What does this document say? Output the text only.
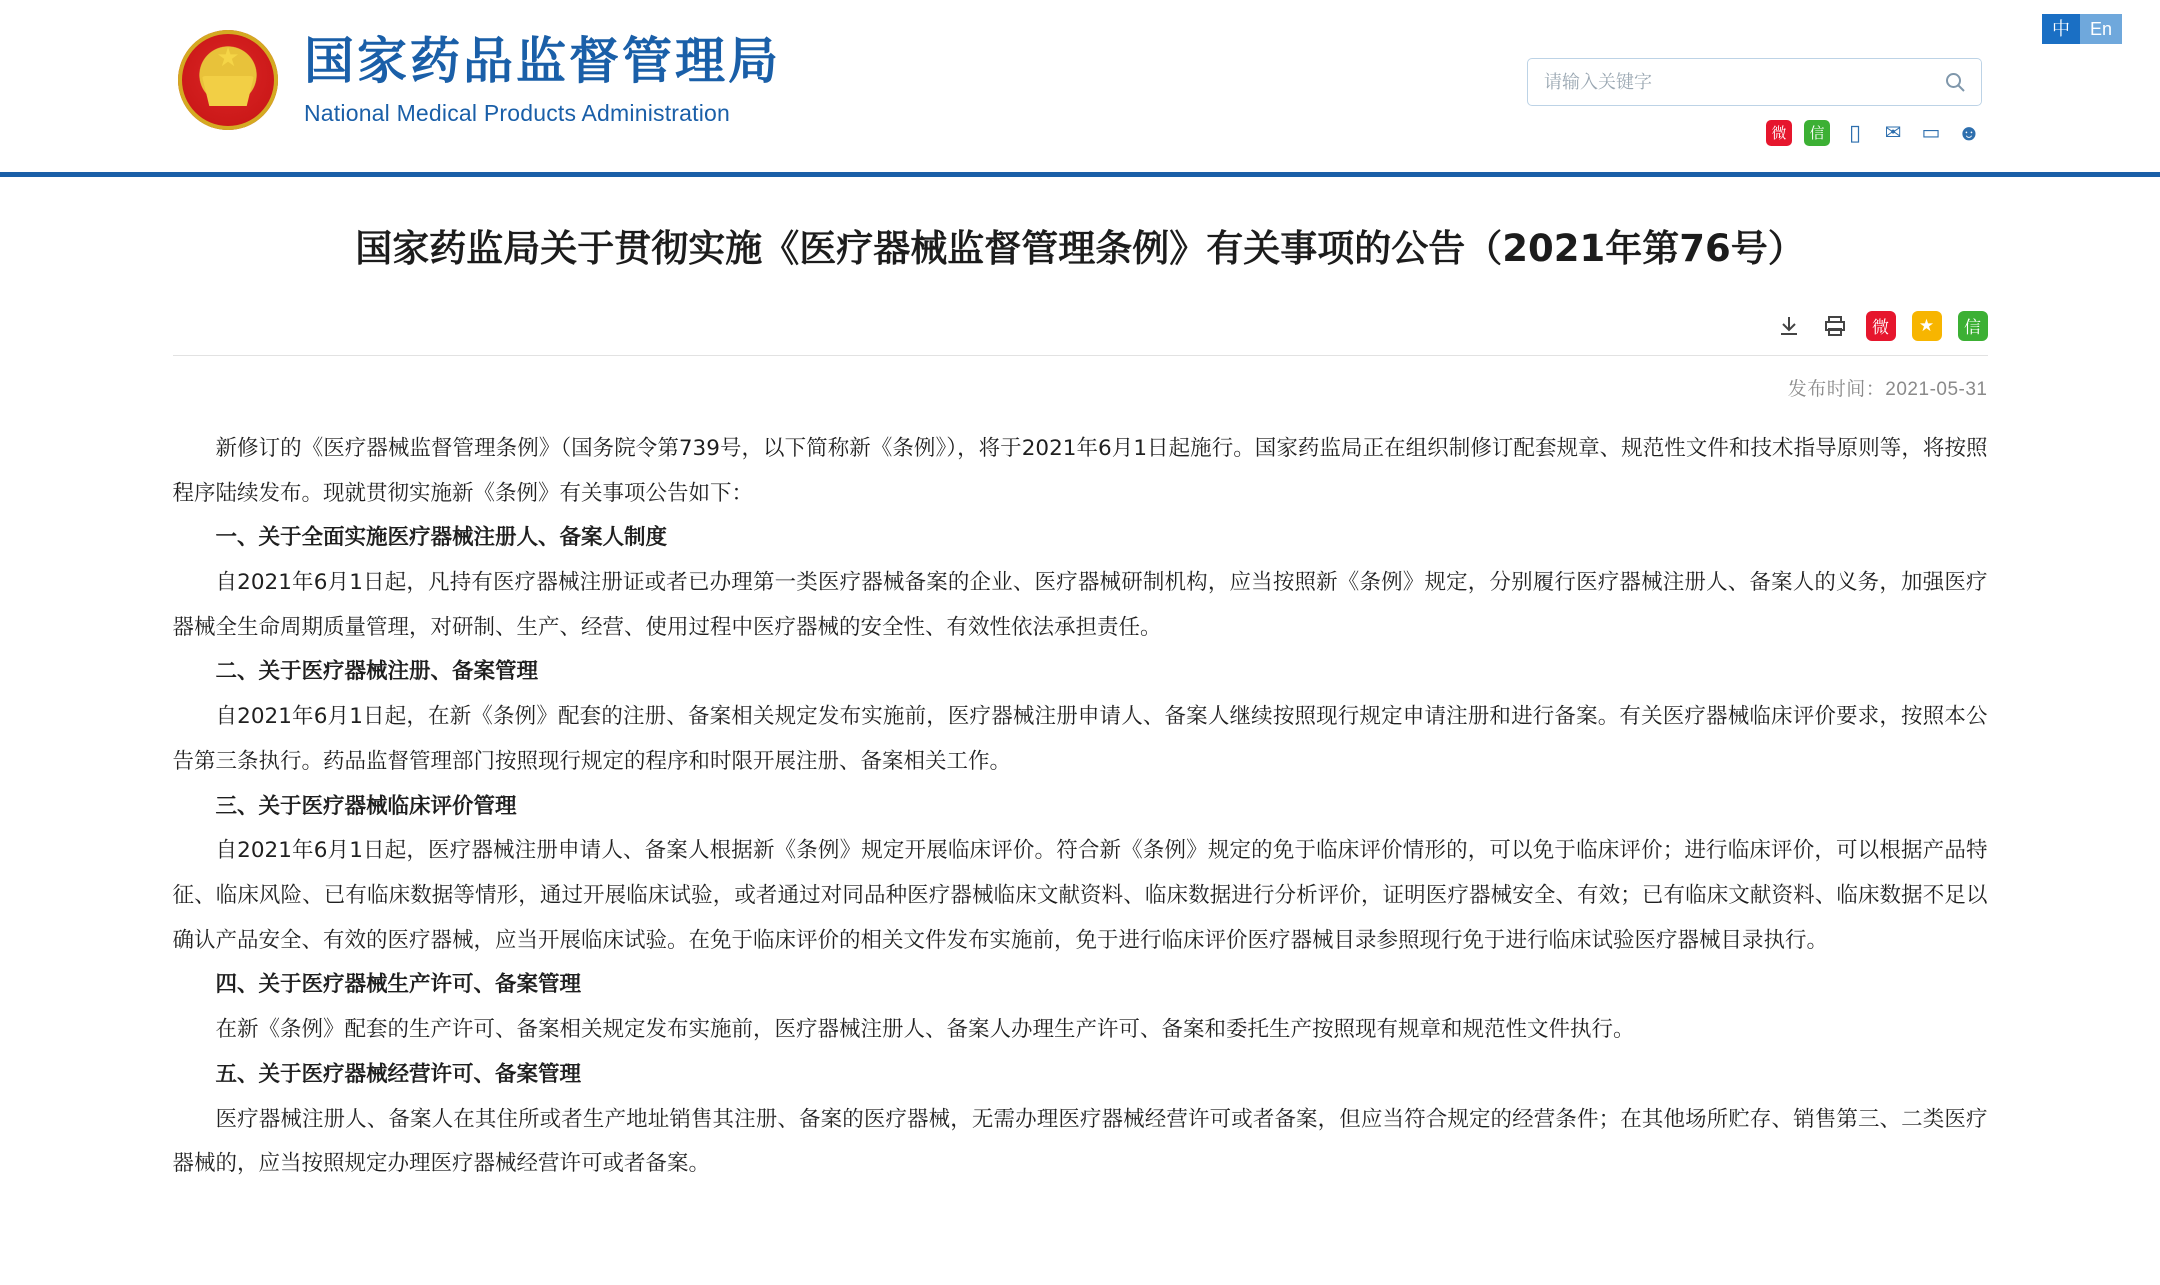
中	En
★
国家药品监督管理局
National Medical Products Administration
请输入关键字
微	信	▯	✉ ▭ ☻
国家药监局关于贯彻实施《医疗器械监督管理条例》有关事项的公告（2021年第76号）
微	★	信
发布时间：2021-05-31

新修订的《医疗器械监督管理条例》（国务院令第739号，以下简称新《条例》），将于2021年6月1日起施行。国家药监局正在组织制修订配套规章、规范性文件和技术指导原则等，将按照程序陆续发布。现就贯彻实施新《条例》有关事项公告如下：

一、关于全面实施医疗器械注册人、备案人制度

自2021年6月1日起，凡持有医疗器械注册证或者已办理第一类医疗器械备案的企业、医疗器械研制机构，应当按照新《条例》规定，分别履行医疗器械注册人、备案人的义务，加强医疗器械全生命周期质量管理，对研制、生产、经营、使用过程中医疗器械的安全性、有效性依法承担责任。

二、关于医疗器械注册、备案管理

自2021年6月1日起，在新《条例》配套的注册、备案相关规定发布实施前，医疗器械注册申请人、备案人继续按照现行规定申请注册和进行备案。有关医疗器械临床评价要求，按照本公告第三条执行。药品监督管理部门按照现行规定的程序和时限开展注册、备案相关工作。

三、关于医疗器械临床评价管理

自2021年6月1日起，医疗器械注册申请人、备案人根据新《条例》规定开展临床评价。符合新《条例》规定的免于临床评价情形的，可以免于临床评价；进行临床评价，可以根据产品特征、临床风险、已有临床数据等情形，通过开展临床试验，或者通过对同品种医疗器械临床文献资料、临床数据进行分析评价，证明医疗器械安全、有效；已有临床文献资料、临床数据不足以确认产品安全、有效的医疗器械，应当开展临床试验。在免于临床评价的相关文件发布实施前，免于进行临床评价医疗器械目录参照现行免于进行临床试验医疗器械目录执行。

四、关于医疗器械生产许可、备案管理

在新《条例》配套的生产许可、备案相关规定发布实施前，医疗器械注册人、备案人办理生产许可、备案和委托生产按照现有规章和规范性文件执行。

五、关于医疗器械经营许可、备案管理

医疗器械注册人、备案人在其住所或者生产地址销售其注册、备案的医疗器械，无需办理医疗器械经营许可或者备案，但应当符合规定的经营条件；在其他场所贮存、销售第三、二类医疗器械的，应当按照规定办理医疗器械经营许可或者备案。
